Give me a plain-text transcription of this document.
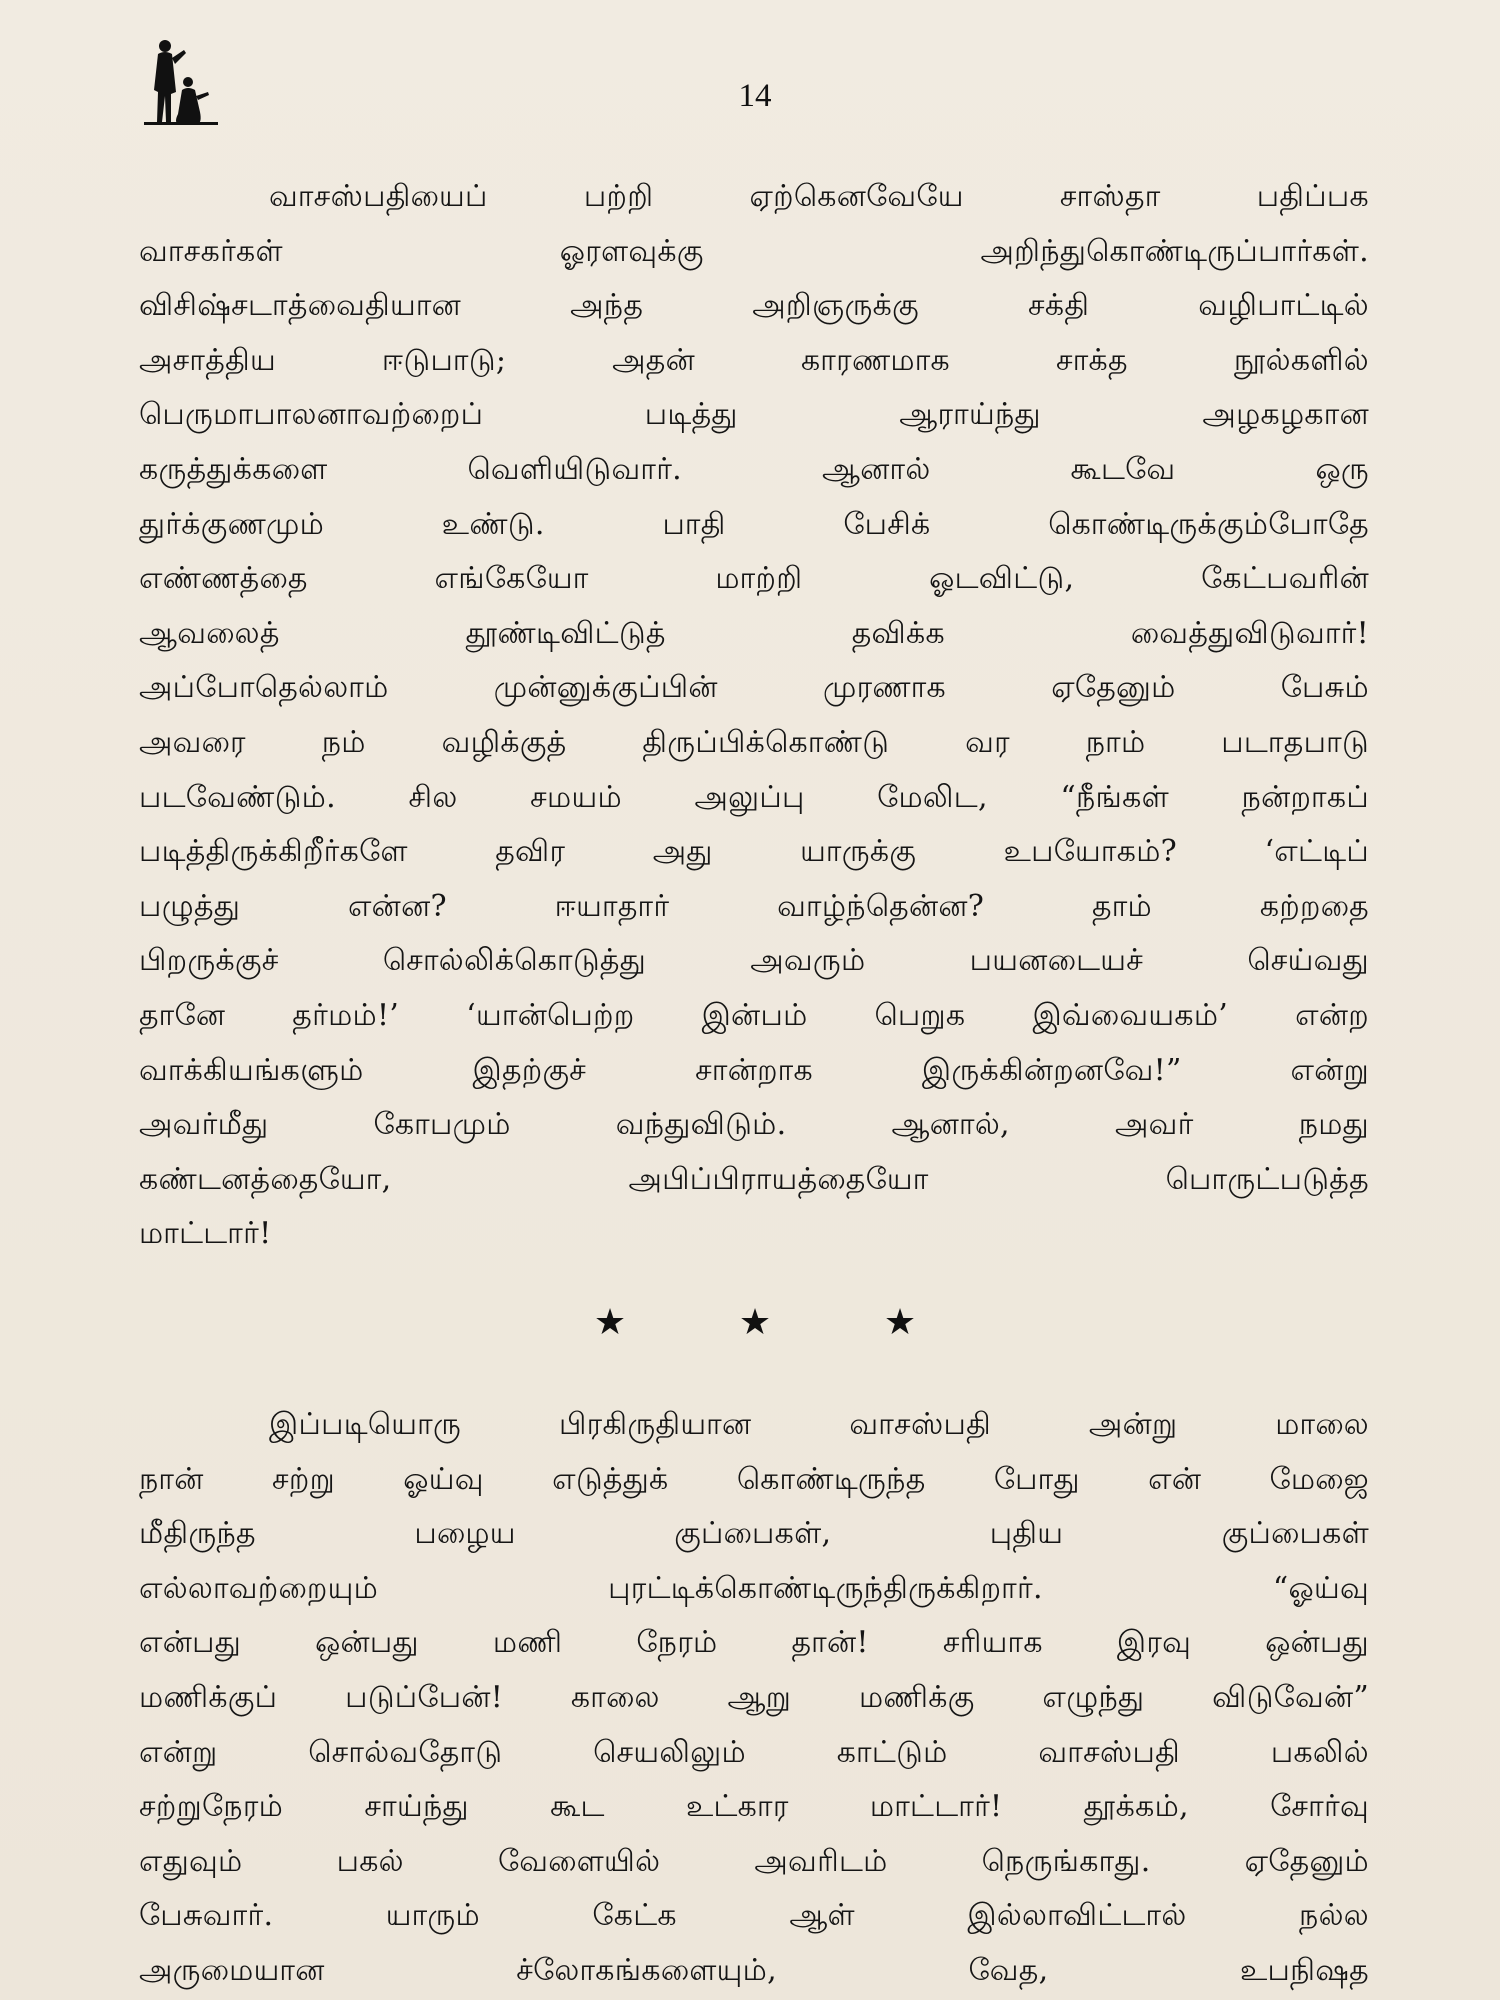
14
வாசஸ்பதியைப் பற்றி ஏற்கெனவேயே சாஸ்தா பதிப்பக
வாசகர்கள் ஓரளவுக்கு அறிந்துகொண்டிருப்பார்கள்.
விசிஷ்சடாத்வைதியான அந்த அறிஞருக்கு சக்தி வழிபாட்டில்
அசாத்திய ஈடுபாடு; அதன் காரணமாக சாக்த நூல்களில்
பெருமாபாலனாவற்றைப் படித்து ஆராய்ந்து அழகழகான
கருத்துக்களை வெளியிடுவார். ஆனால் கூடவே ஒரு
துர்க்குணமும் உண்டு. பாதி பேசிக் கொண்டிருக்கும்போதே
எண்ணத்தை எங்கேயோ மாற்றி ஓடவிட்டு, கேட்பவரின்
ஆவலைத் தூண்டிவிட்டுத் தவிக்க வைத்துவிடுவார்!
அப்போதெல்லாம் முன்னுக்குப்பின் முரணாக ஏதேனும் பேசும்
அவரை நம் வழிக்குத் திருப்பிக்கொண்டு வர நாம் படாதபாடு
படவேண்டும். சில சமயம் அலுப்பு மேலிட, “நீங்கள் நன்றாகப்
படித்திருக்கிறீர்களே தவிர அது யாருக்கு உபயோகம்? ‘எட்டிப்
பழுத்து என்ன? ஈயாதார் வாழ்ந்தென்ன? தாம் கற்றதை
பிறருக்குச் சொல்லிக்கொடுத்து அவரும் பயனடையச் செய்வது
தானே தர்மம்!’ ‘யான்பெற்ற இன்பம் பெறுக இவ்வையகம்’ என்ற
வாக்கியங்களும் இதற்குச் சான்றாக இருக்கின்றனவே!” என்று
அவர்மீது கோபமும் வந்துவிடும். ஆனால், அவர் நமது
கண்டனத்தையோ, அபிப்பிராயத்தையோ பொருட்படுத்த
மாட்டார்!
★	★	★
இப்படியொரு பிரகிருதியான வாசஸ்பதி அன்று மாலை
நான் சற்று ஓய்வு எடுத்துக் கொண்டிருந்த போது என் மேஜை
மீதிருந்த பழைய குப்பைகள், புதிய குப்பைகள்
எல்லாவற்றையும் புரட்டிக்கொண்டிருந்திருக்கிறார். “ஓய்வு
என்பது ஒன்பது மணி நேரம் தான்! சரியாக இரவு ஒன்பது
மணிக்குப் படுப்பேன்! காலை ஆறு மணிக்கு எழுந்து விடுவேன்”
என்று சொல்வதோடு செயலிலும் காட்டும் வாசஸ்பதி பகலில்
சற்றுநேரம் சாய்ந்து கூட உட்கார மாட்டார்! தூக்கம், சோர்வு
எதுவும் பகல் வேளையில் அவரிடம் நெருங்காது. ஏதேனும்
பேசுவார். யாரும் கேட்க ஆள் இல்லாவிட்டால் நல்ல
அருமையான ச்லோகங்களையும், வேத, உபநிஷத
